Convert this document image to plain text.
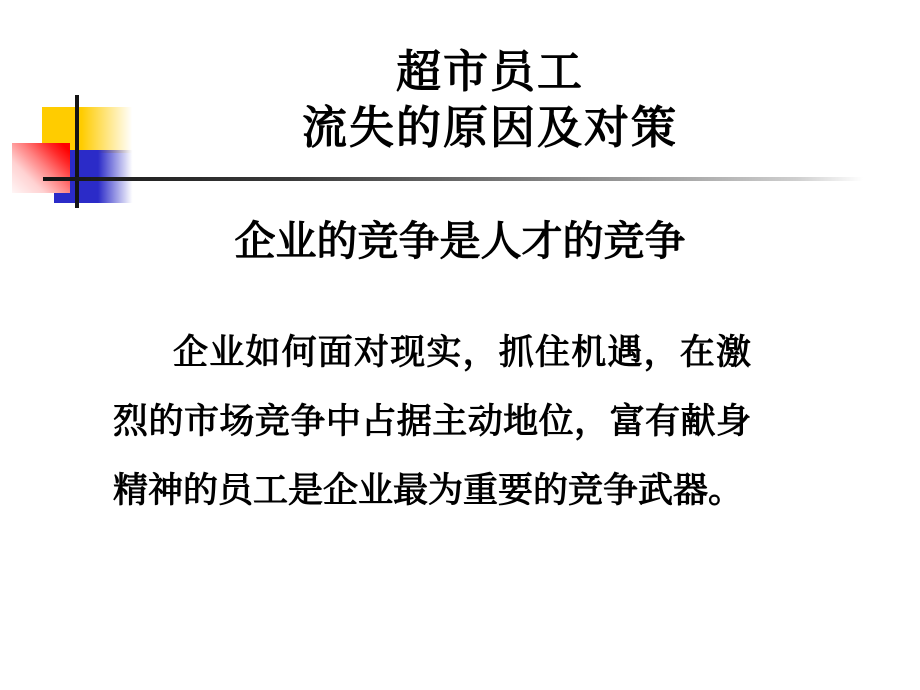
超市员工
流失的原因及对策
企业的竞争是人才的竞争
企业如何面对现实，抓住机遇，在激
烈的市场竞争中占据主动地位，富有献身
精神的员工是企业最为重要的竞争武器。
